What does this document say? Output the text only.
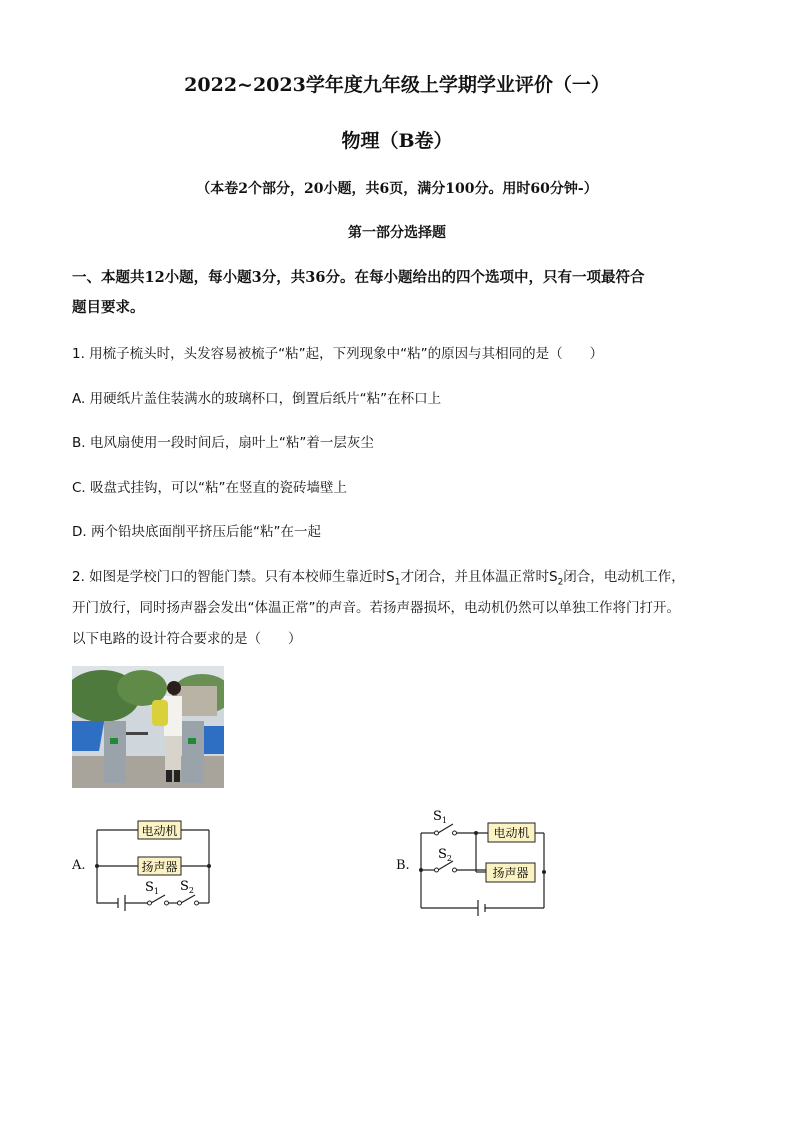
2022~2023学年度九年级上学期学业评价（一）
物理（B卷）
（本卷2个部分，20小题，共6页，满分100分。用时60分钟-）
第一部分选择题
一、本题共12小题，每小题3分，共36分。在每小题给出的四个选项中，只有一项最符合
题目要求。
1. 用梳子梳头时，头发容易被梳子“粘”起，下列现象中“粘”的原因与其相同的是（　　）
A. 用硬纸片盖住装满水的玻璃杯口，倒置后纸片“粘”在杯口上
B. 电风扇使用一段时间后，扇叶上“粘”着一层灰尘
C. 吸盘式挂钩，可以“粘”在竖直的瓷砖墙壁上
D. 两个铅块底面削平挤压后能“粘”在一起
2. 如图是学校门口的智能门禁。只有本校师生靠近时$S_1$才闭合，并且体温正常时$S_2$闭合，电动机工作，
开门放行，同时扬声器会发出“体温正常”的声音。若扬声器损坏，电动机仍然可以单独工作将门打开。
以下电路的设计符合要求的是（　　）
电动机
扬声器
$S_1$ $S_2$
A.
电动机
扬声器
$S_1$
$S_2$
B.
